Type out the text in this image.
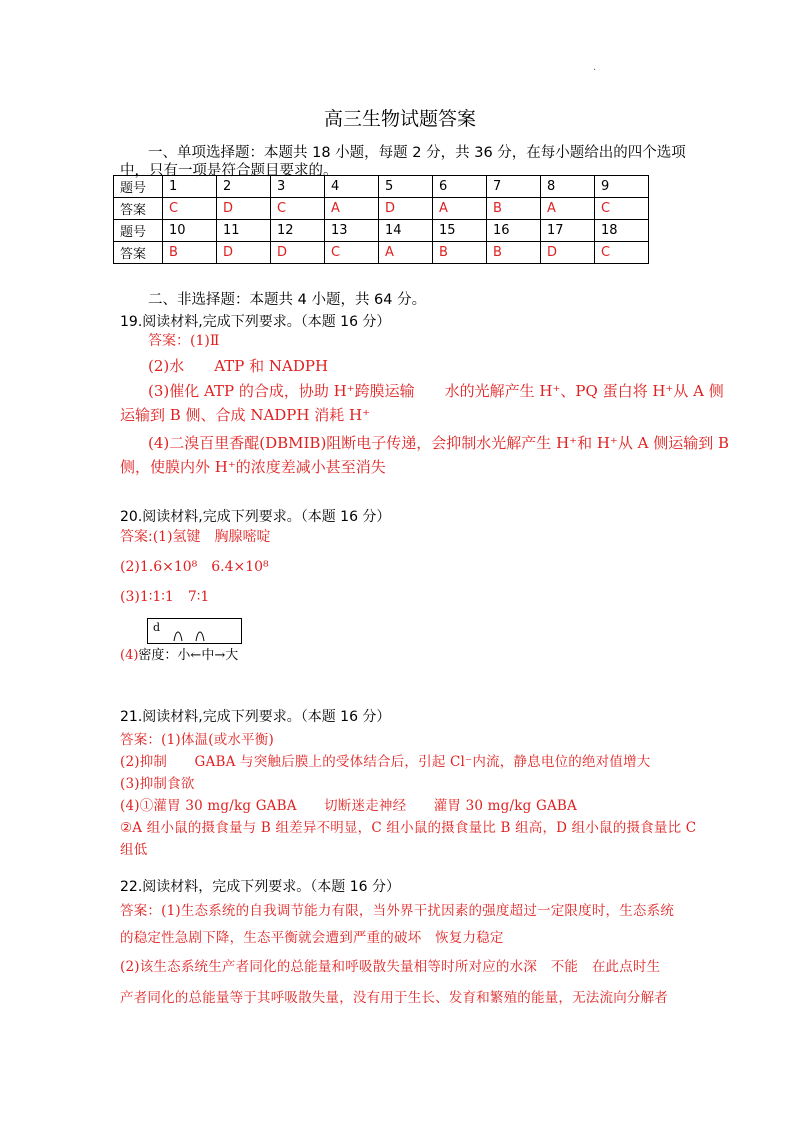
.
高三生物试题答案
一、单项选择题：本题共 18 小题，每题 2 分，共 36 分，在每小题给出的四个选项
中，只有一项是符合题目要求的。
题号	1	2	3	4	5	6	7	8	9
答案	C	D	C	A	D	A	B	A	C
题号	10	11	12	13	14	15	16	17	18
答案	B	D	D	C	A	B	B	D	C
二、非选择题：本题共 4 小题，共 64 分。
19.阅读材料,完成下列要求。（本题 16 分）
答案：(1)Ⅱ
(2)水　　ATP 和 NADPH
(3)催化 ATP 的合成，协助 H⁺跨膜运输　　水的光解产生 H⁺、PQ 蛋白将 H⁺从 A 侧
运输到 B 侧、合成 NADPH 消耗 H⁺
(4)二溴百里香醌(DBMIB)阻断电子传递，会抑制水光解产生 H⁺和 H⁺从 A 侧运输到 B
侧，使膜内外 H⁺的浓度差减小甚至消失
20.阅读材料,完成下列要求。（本题 16 分）
答案:(1)氢键　胸腺嘧啶
(2)1.6×10⁸　6.4×10⁸
(3)1∶1∶1　7∶1
d
(4)密度：小←中→大
21.阅读材料,完成下列要求。（本题 16 分）
答案：(1)体温(或水平衡)
(2)抑制　　GABA 与突触后膜上的受体结合后，引起 Cl⁻内流，静息电位的绝对值增大
(3)抑制食欲
(4)①灌胃 30 mg/kg GABA　　切断迷走神经　　灌胃 30 mg/kg GABA
②A 组小鼠的摄食量与 B 组差异不明显，C 组小鼠的摄食量比 B 组高，D 组小鼠的摄食量比 C
组低
22.阅读材料，完成下列要求。（本题 16 分）
答案：(1)生态系统的自我调节能力有限，当外界干扰因素的强度超过一定限度时，生态系统
的稳定性急剧下降，生态平衡就会遭到严重的破坏　恢复力稳定
(2)该生态系统生产者同化的总能量和呼吸散失量相等时所对应的水深　不能　在此点时生
产者同化的总能量等于其呼吸散失量，没有用于生长、发育和繁殖的能量，无法流向分解者
